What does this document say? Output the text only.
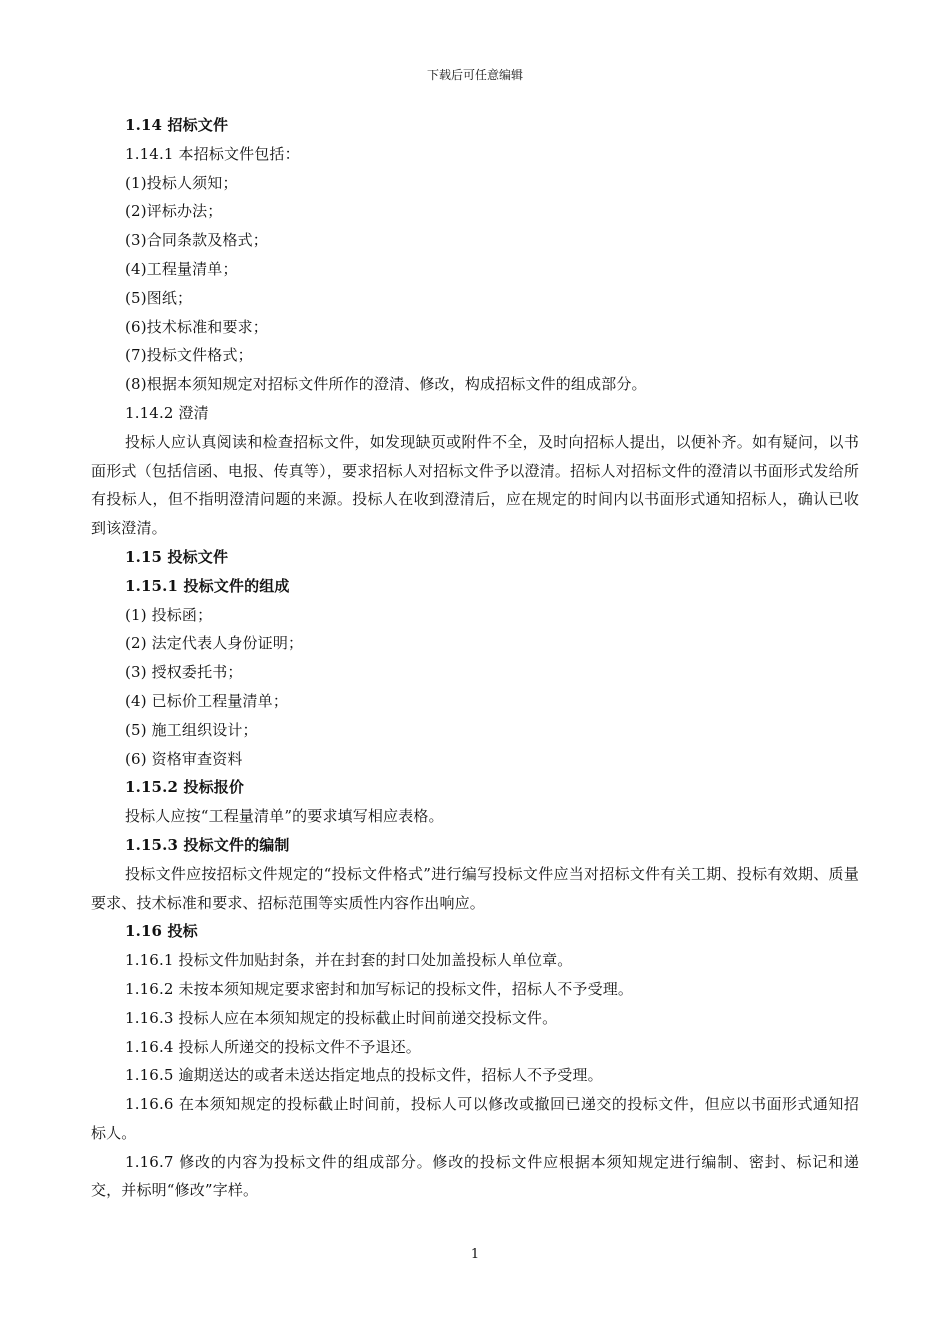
下载后可任意编辑

1.14 招标文件

1.14.1 本招标文件包括：

(1)投标人须知；

(2)评标办法；

(3)合同条款及格式；

(4)工程量清单；

(5)图纸；

(6)技术标准和要求；

(7)投标文件格式；

(8)根据本须知规定对招标文件所作的澄清、修改，构成招标文件的组成部分。

1.14.2 澄清

投标人应认真阅读和检查招标文件，如发现缺页或附件不全，及时向招标人提出，以便补齐。如有疑问，以书面形式（包括信函、电报、传真等），要求招标人对招标文件予以澄清。招标人对招标文件的澄清以书面形式发给所有投标人，但不指明澄清问题的来源。投标人在收到澄清后，应在规定的时间内以书面形式通知招标人，确认已收到该澄清。

1.15 投标文件

1.15.1 投标文件的组成

(1) 投标函；

(2) 法定代表人身份证明；

(3) 授权委托书；

(4) 已标价工程量清单；

(5) 施工组织设计；

(6) 资格审查资料

1.15.2 投标报价

投标人应按“工程量清单”的要求填写相应表格。

1.15.3 投标文件的编制

投标文件应按招标文件规定的“投标文件格式”进行编写投标文件应当对招标文件有关工期、投标有效期、质量要求、技术标准和要求、招标范围等实质性内容作出响应。

1.16 投标

1.16.1 投标文件加贴封条，并在封套的封口处加盖投标人单位章。

1.16.2 未按本须知规定要求密封和加写标记的投标文件，招标人不予受理。

1.16.3 投标人应在本须知规定的投标截止时间前递交投标文件。

1.16.4 投标人所递交的投标文件不予退还。

1.16.5 逾期送达的或者未送达指定地点的投标文件，招标人不予受理。

1.16.6 在本须知规定的投标截止时间前，投标人可以修改或撤回已递交的投标文件，但应以书面形式通知招标人。

1.16.7 修改的内容为投标文件的组成部分。修改的投标文件应根据本须知规定进行编制、密封、标记和递交，并标明“修改”字样。

1
